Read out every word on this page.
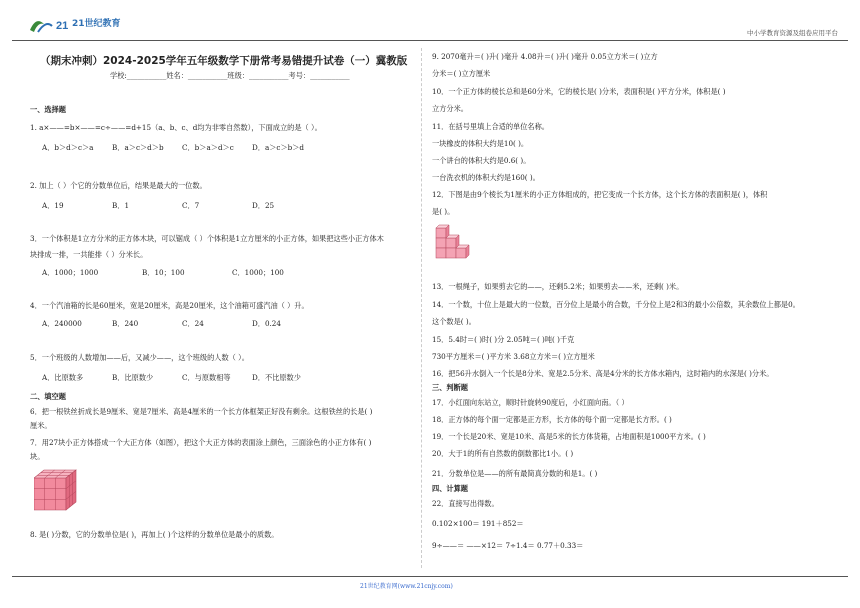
21 21世纪教育
中小学教育资源及组卷应用平台
（期末冲刺）2024-2025学年五年级数学下册常考易错提升试卷（一）冀教版
学校:___________姓名：___________班级：___________考号：___________
一、选择题
1. a×——=b×——=c÷——=d+15（a、b、c、d均为非零自然数），下面成立的是（ ）。
A．b＞d＞c＞a	B．a＞c＞d＞b	C．b＞a＞d＞c	D．a＞c＞b＞d
2. 加上（ ）个它的分数单位后，结果是最大的一位数。
A．19	B．1	C．7	D．25
3．一个体积是1立方分米的正方体木块，可以锯成（ ）个体积是1立方厘米的小正方体，如果把这些小正方体木
块排成一排，一共能排（ ）分米长。
A．1000；1000	B．10；100	C．1000；100
4．一个汽油箱的长是60厘米，宽是20厘米，高是20厘米，这个油箱可盛汽油（ ）升。
A．240000	B．240	C．24	D．0.24
5．一个班级的人数增加——后，又减少——，这个班级的人数（ ）。
A．比原数多	B．比原数少	C．与原数相等	D．不比原数少
二、填空题
6．把一根铁丝折成长是9厘米、宽是7厘米、高是4厘米的一个长方体框架正好没有剩余。这根铁丝的长是( )
厘米。
7．用27块小正方体搭成一个大正方体（如图），把这个大正方体的表面涂上颜色，三面涂色的小正方体有( )
块。
8. 是( )分数，它的分数单位是( )，再加上( )个这样的分数单位是最小的质数。
9. 2070毫升＝( )升( )毫升 4.08升＝( )升( )毫升 0.05立方米＝( )立方
分米＝( )立方厘米
10．一个正方体的棱长总和是60分米，它的棱长是( )分米，表面积是( )平方分米，体积是( )
立方分米。
11．在括号里填上合适的单位名称。
一块橡皮的体积大约是10( )。
一个讲台的体积大约是0.6( )。
一台洗衣机的体积大约是160( )。
12．下图是由9个棱长为1厘米的小正方体组成的，把它变成一个长方体，这个长方体的表面积是( )，体积
是( )。
13．一根绳子，如果剪去它的——，还剩5.2米；如果剪去——米，还剩( )米。
14．一个数，十位上是最大的一位数，百分位上是最小的合数，千分位上是2和3的最小公倍数，其余数位上都是0。
这个数是( )。
15．5.4时＝( )时( )分 2.05吨＝( )吨( )千克
730平方厘米＝( )平方米 3.68立方米＝( )立方厘米
16．把56升水倒入一个长是8分米、宽是2.5分米、高是4分米的长方体水箱内，这时箱内的水深是( )分米。
三、判断题
17．小红面向东站立，顺时针旋转90度后，小红面向南。（ ）
18．正方体的每个面一定都是正方形，长方体的每个面一定都是长方形。( )
19．一个长是20米、宽是10米、高是5米的长方体货箱，占地面积是1000平方米。( )
20．大于1的所有自然数的倒数都比1小。( )
21．分数单位是——的所有最简真分数的和是1。( )
四、计算题
22．直接写出得数。
0.102×100＝ 191＋852＝
9÷——＝ ——×12＝ 7÷1.4＝ 0.77＋0.33＝
21世纪教育网(www.21cnjy.com)
